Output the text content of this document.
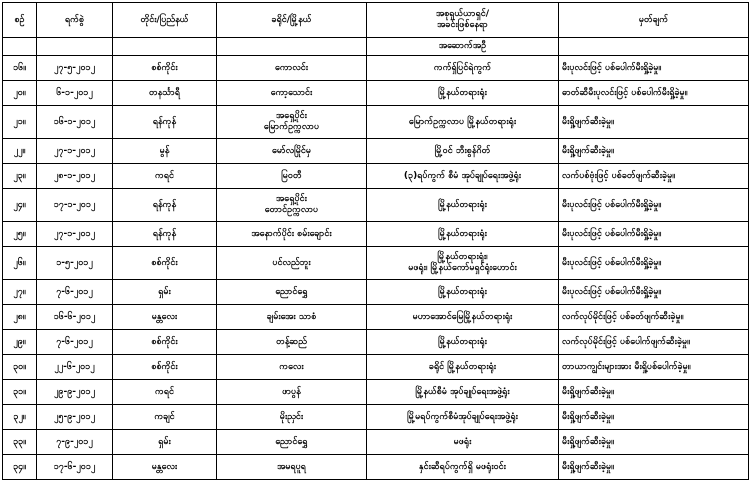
စဉ်	ရက်စွဲ	တိုင်း/ပြည်နယ်	ခရိုင်/မြို့နယ်	အစုရှယ်ယာရှင်/
အခင်းဖြစ်နေရာ	မှတ်ချက်
				အဆောက်အဦ	
၁၆။	၂၇-၅-၂၀၁၂	စစ်ကိုင်း	ကောလင်း	ကက်ရှ်ပြင်ရဲကွက်	မီးပုလင်းဖြင့် ပစ်ပေါက်မီးရှို့ခဲ့မှု။
၂၀။	၆-၁-၂၀၁၂	တနင်္သာရီ	ကော့သောင်း	မြို့နယ်တရားရုံး	ဓာတ်ဆီမီးပုလင်းဖြင့် ပစ်ပေါက်မီးရှို့ခဲ့မှု။
၂၁။	၁၆-၁-၂၀၁၂	ရန်ကုန်	အရှေ့ပိုင်း
မြောက်ဥက္ကလာပ	မြောက်ဥက္ကလာပ မြို့နယ်တရားရုံး	မီးရှို့ဖျက်ဆီးခဲ့မှု။
၂၂။	၂၇-၁-၂၀၁၂	မွန်	မော်လမြိုင်မှ	မြို့ဝင် ဘီးစွန်ဂိတ်	မီးရှို့ဖျက်ဆီးခဲ့မှု။
၂၃။	၂၈-၁-၂၀၁၂	ကရင်	မြဝတီ	(၃)ရပ်ကွက် စီမံ အုပ်ချုပ်ရေးအဖွဲ့ရုံး	လက်ပစ်ဗုံးဖြင့် ပစ်ခတ်ဖျက်ဆီးခဲ့မှု။
၂၄။	၁၇-၁-၂၀၁၂	ရန်ကုန်	အရှေ့ပိုင်း
တောင်ဥက္ကလာပ	မြို့နယ်တရားရုံး	မီးပုလင်းဖြင့် ပစ်ပေါက်မီးရှို့ခဲ့မှု။
၂၅။	၂၇-၁-၂၀၁၂	ရန်ကုန်	အနောက်ပိုင်း စမ်းချောင်း	မြို့နယ်တရားရုံး	မီးပုလင်းဖြင့် ပစ်ပေါက်မီးရှို့ခဲ့မှု။
၂၆။	၁-၅-၂၀၁၂	စစ်ကိုင်း	ပင်လည်ဘူး	မြို့နယ်တရားရုံး၊
မဖရုံး၊ မြို့နယ်ကော်မရှင်ရုံးဟောင်း	မီးပုလင်းဖြင့် ပစ်ပေါက်မီးရှို့ခဲ့မှု။
၂၇။	၇-၆-၂၀၁၂	ရှမ်း	ညောင်ရွှေ	မြို့နယ်တရားရုံး	မီးပုလင်းဖြင့် ပစ်ပေါက်မီးရှို့ခဲ့မှု။
၂၈။	၁၆-၆-၂၀၁၂	မန္တလေး	ချမ်းအေး သာစံ	မဟာအောင်မြေမြို့နယ်တရားရုံး	လက်လုပ်မိုင်းဖြင့် ပစ်ခတ်ဖျက်ဆီးခဲ့မှု။
၂၉။	၇-၆-၂၀၁၂	စစ်ကိုင်း	တန့်ဆည်	မြို့နယ်တရားရုံး	လက်လုပ်မိုင်းဖြင့် ပစ်ပေါက်ဖျက်ဆီးခဲ့မှု။
၃၀။	၂၂-၆-၂၀၁၂	စစ်ကိုင်း	ကလေး	ခရိုင် မြို့နယ်တရားရုံး	တာယာကျွင်းများအား မီးရှို့ပစ်ပေါက်ခဲ့မှု။
၃၁။	၂၉-၉-၂၀၁၂	ကရင်	ဖာပွန်	မြို့နယ်စီမံ အုပ်ချုပ်ရေးအဖွဲ့ရုံး	မီးရှို့ဖျက်ဆီးခဲ့မှု။
၃၂။	၂၅-၉-၂၀၁၂	ကချင်	မိုးညှင်း	မြို့မရပ်ကွက်စီမံအုပ်ချုပ်ရေးအဖွဲ့ရုံး	မီးရှို့ဖျက်ဆီးခဲ့မှု။
၃၃။	၇-၉-၂၀၁၂	ရှမ်း	ညောင်ရွှေ	မဖရုံး	မီးရှို့ဖျက်ဆီးခဲ့မှု။
၃၄။	၁၇-၆-၂၀၁၂	မန္တလေး	အမရပူရ	နှင်းဆီရပ်ကွက်ရှိ မဖရုံးဝင်း	မီးရှို့ဖျက်ဆီးခဲ့မှု။
